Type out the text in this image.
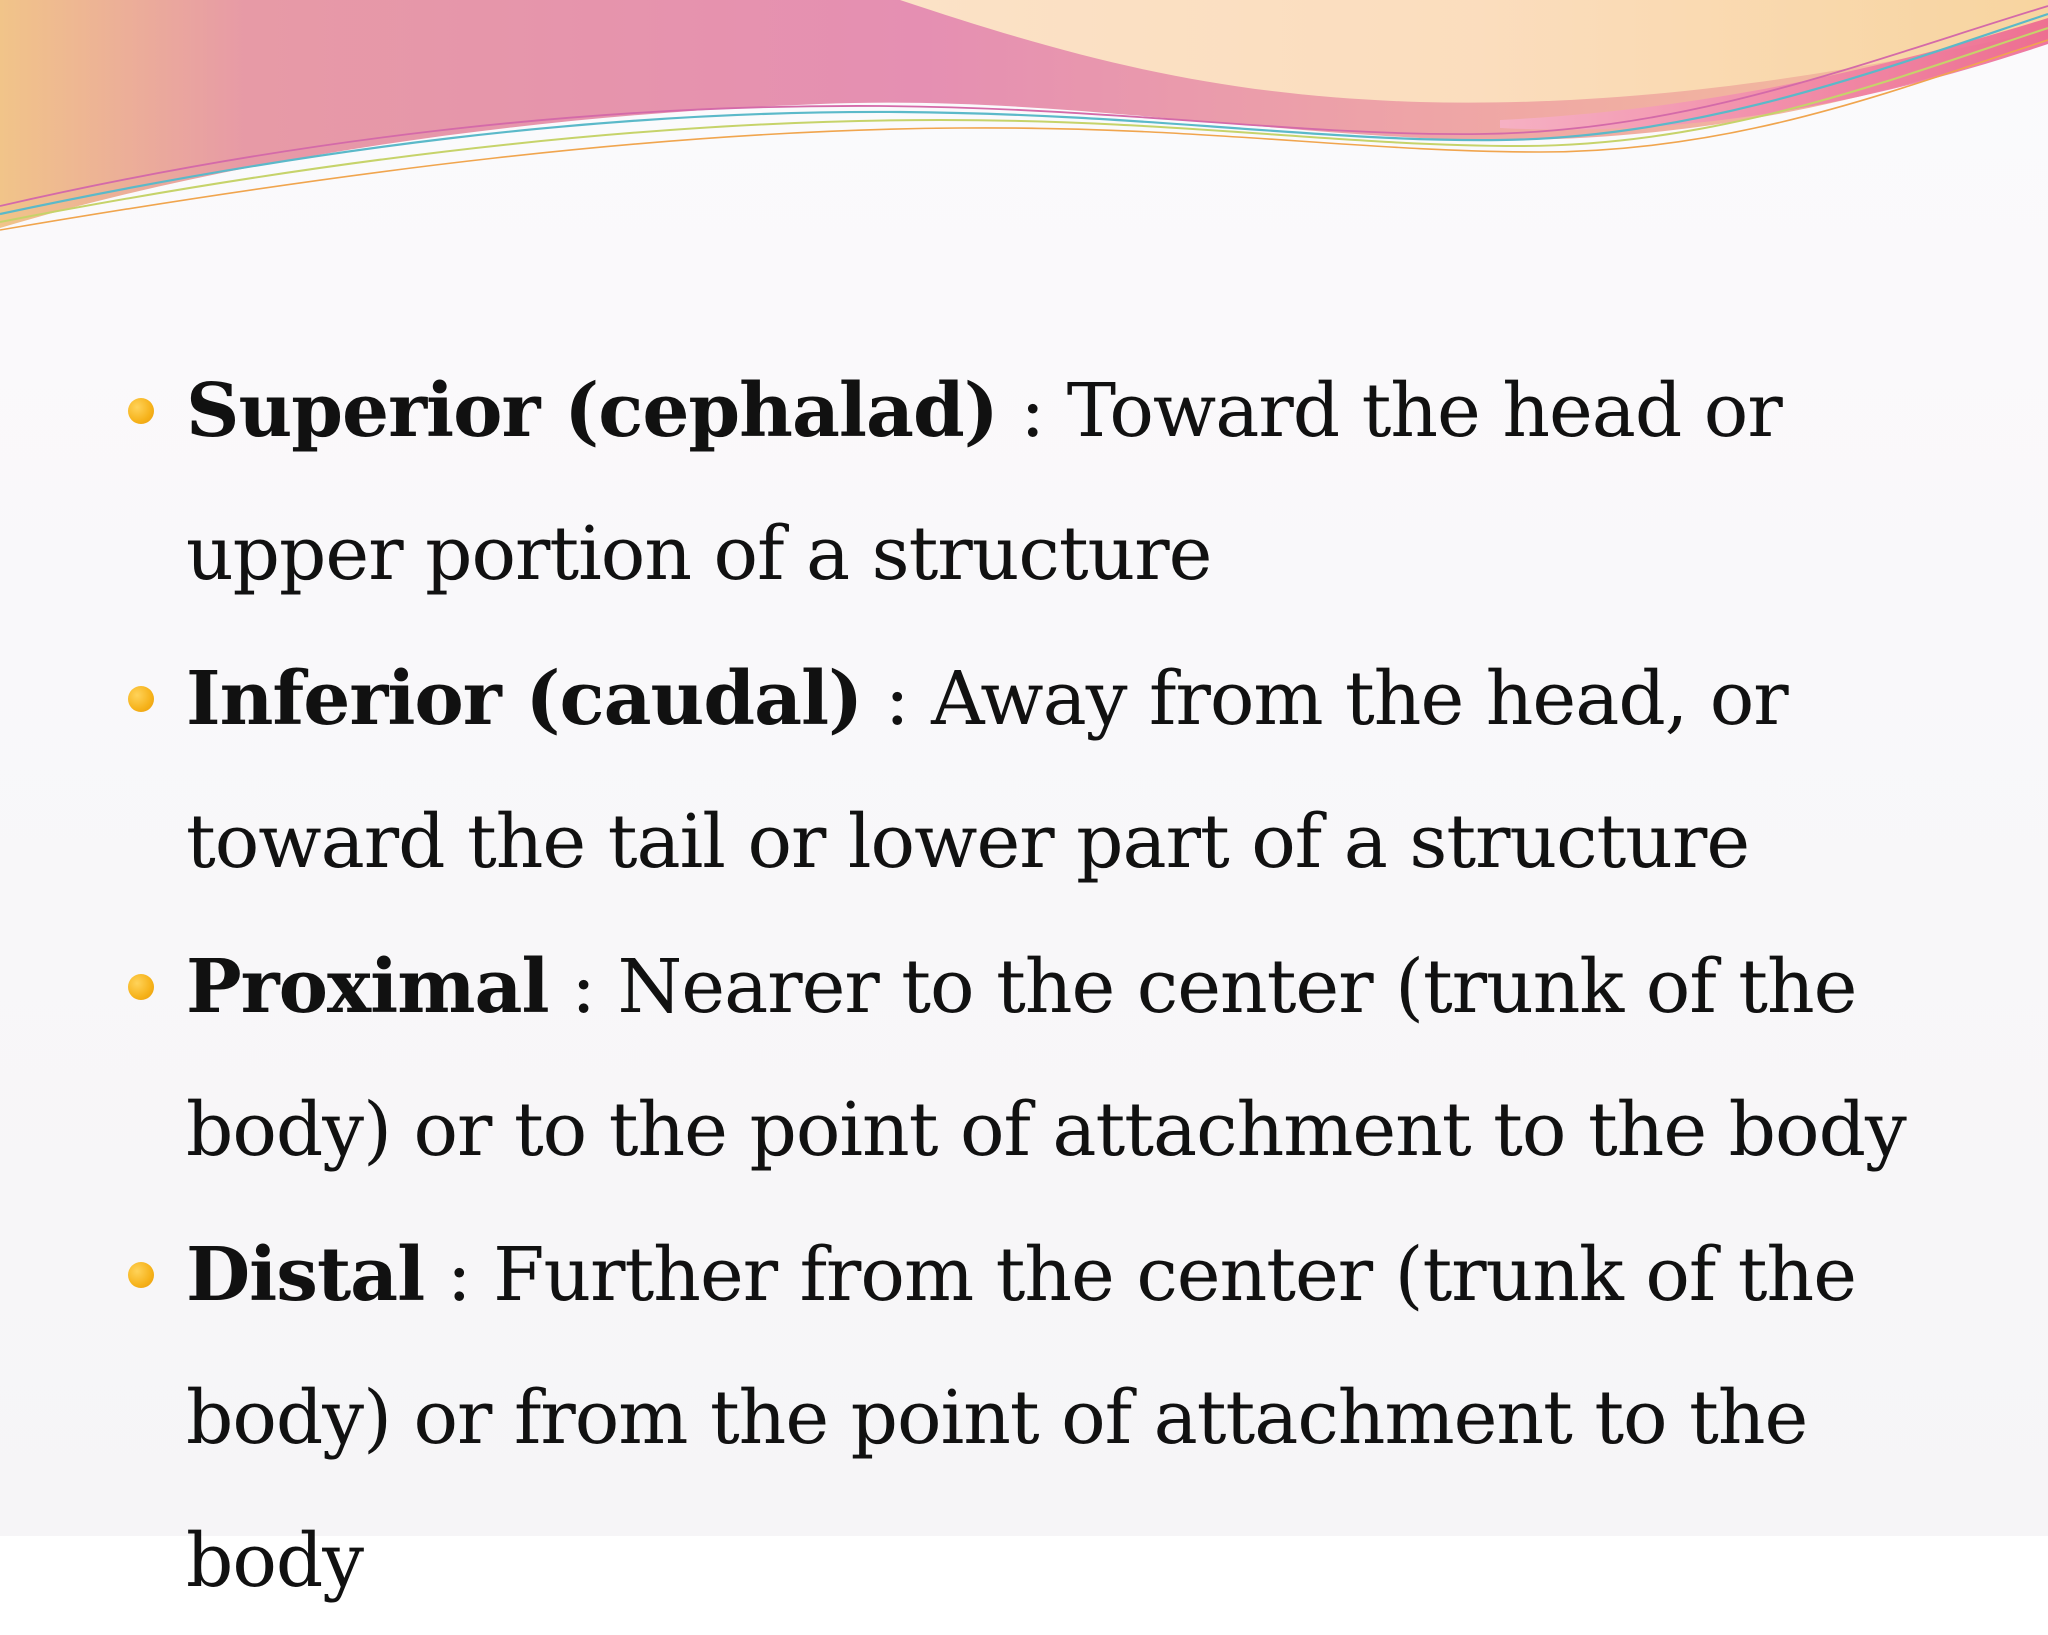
Superior (cephalad) : Toward the head or upper portion of a structure
Inferior (caudal) : Away from the head, or toward the tail or lower part of a structure
Proximal : Nearer to the center (trunk of the body) or to the point of attachment to the body
Distal : Further from the center (trunk of the body) or from the point of attachment to the body
